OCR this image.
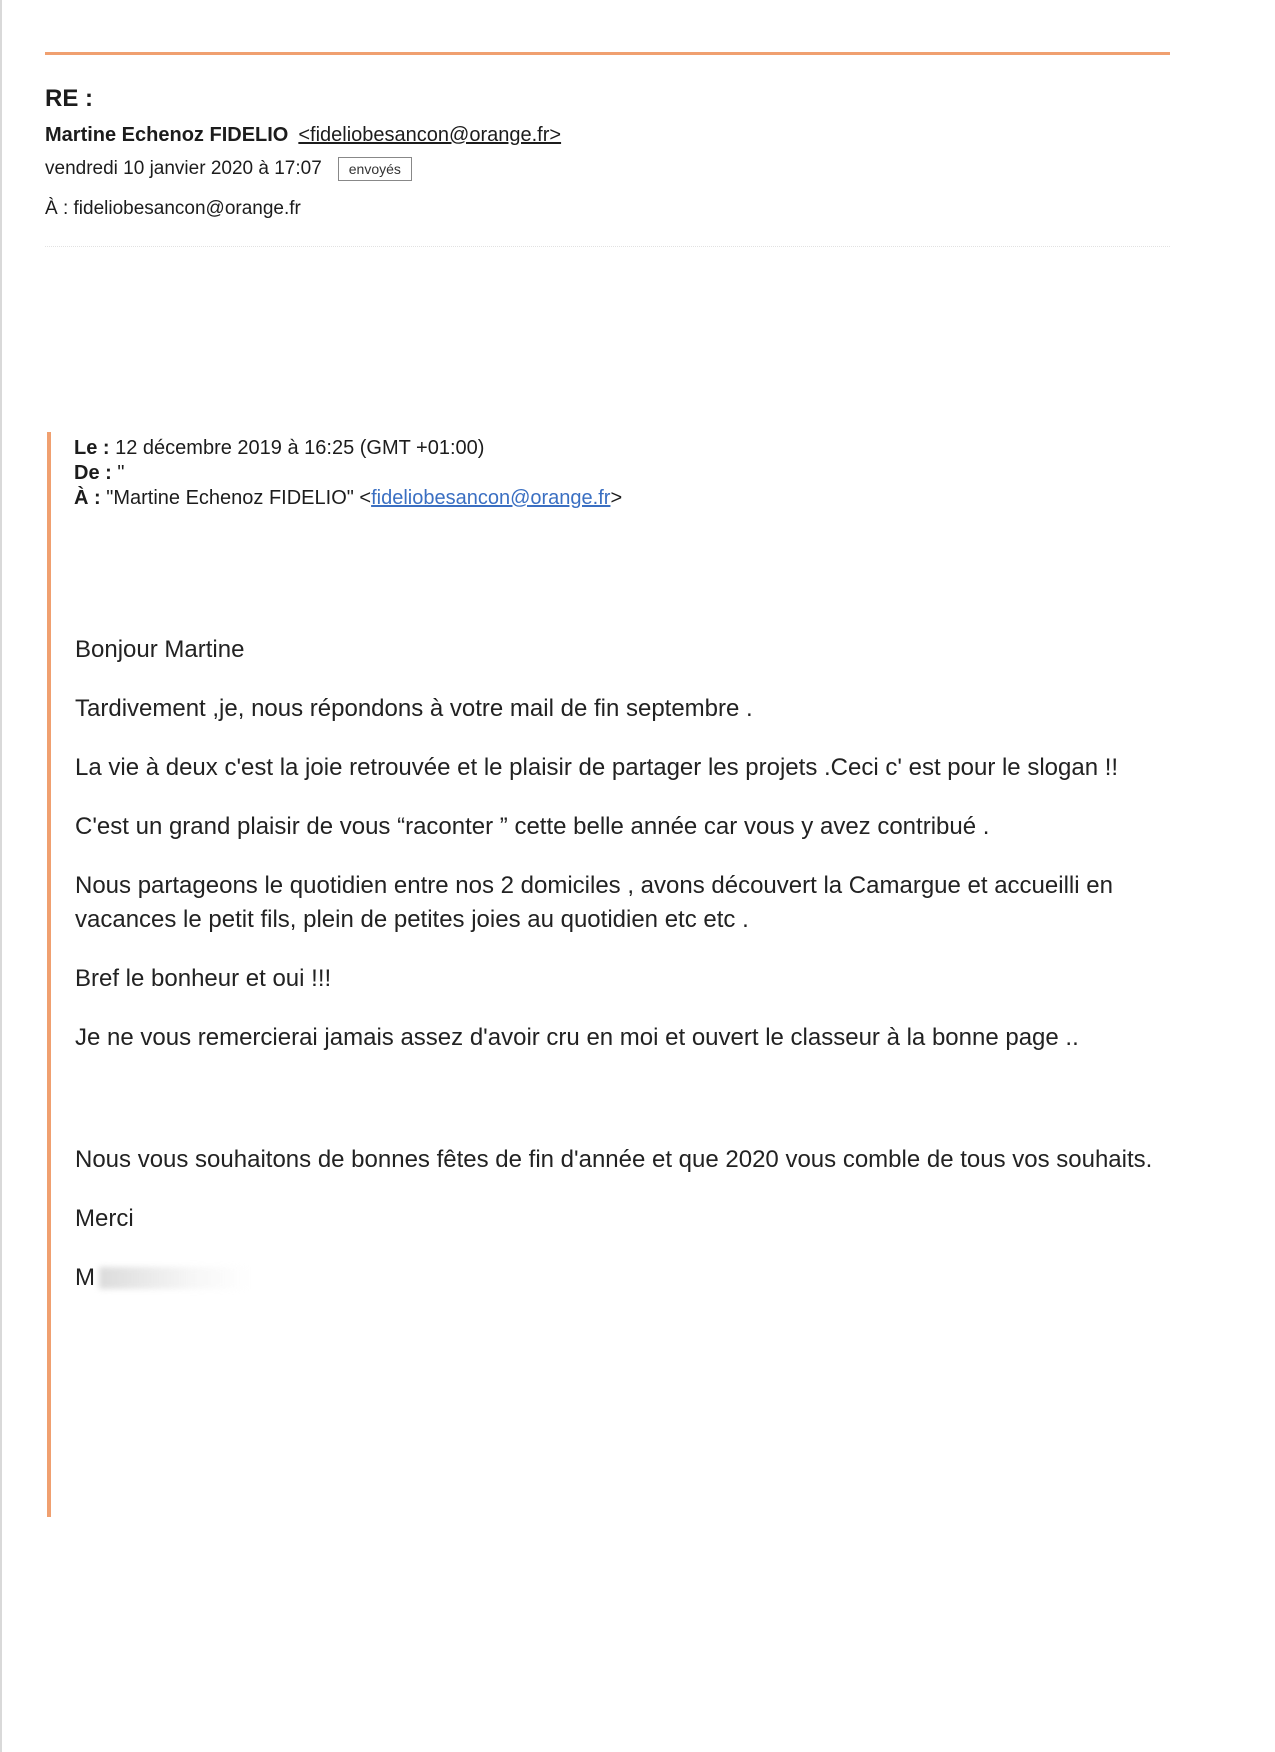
RE :
Martine Echenoz FIDELIO <fideliobesancon@orange.fr>
vendredi 10 janvier 2020 à 17:07	envoyés
À : fideliobesancon@orange.fr
Le : 12 décembre 2019 à 16:25 (GMT +01:00)
De : "
À : "Martine Echenoz FIDELIO" <fideliobesancon@orange.fr>

Bonjour Martine

Tardivement ,je, nous répondons à votre mail de fin septembre .

La vie à deux c'est la joie retrouvée et le plaisir de partager les projets .Ceci c' est pour le slogan !!

C'est un grand plaisir de vous “raconter ” cette belle année car vous y avez contribué .

Nous partageons le quotidien entre nos 2 domiciles , avons découvert la Camargue et accueilli en vacances le petit fils, plein de petites joies au quotidien etc etc .

Bref le bonheur et oui !!!

Je ne vous remercierai jamais assez d'avoir cru en moi et ouvert le classeur à la bonne page ..

Nous vous souhaitons de bonnes fêtes de fin d'année et que 2020 vous comble de tous vos souhaits.

Merci

M
